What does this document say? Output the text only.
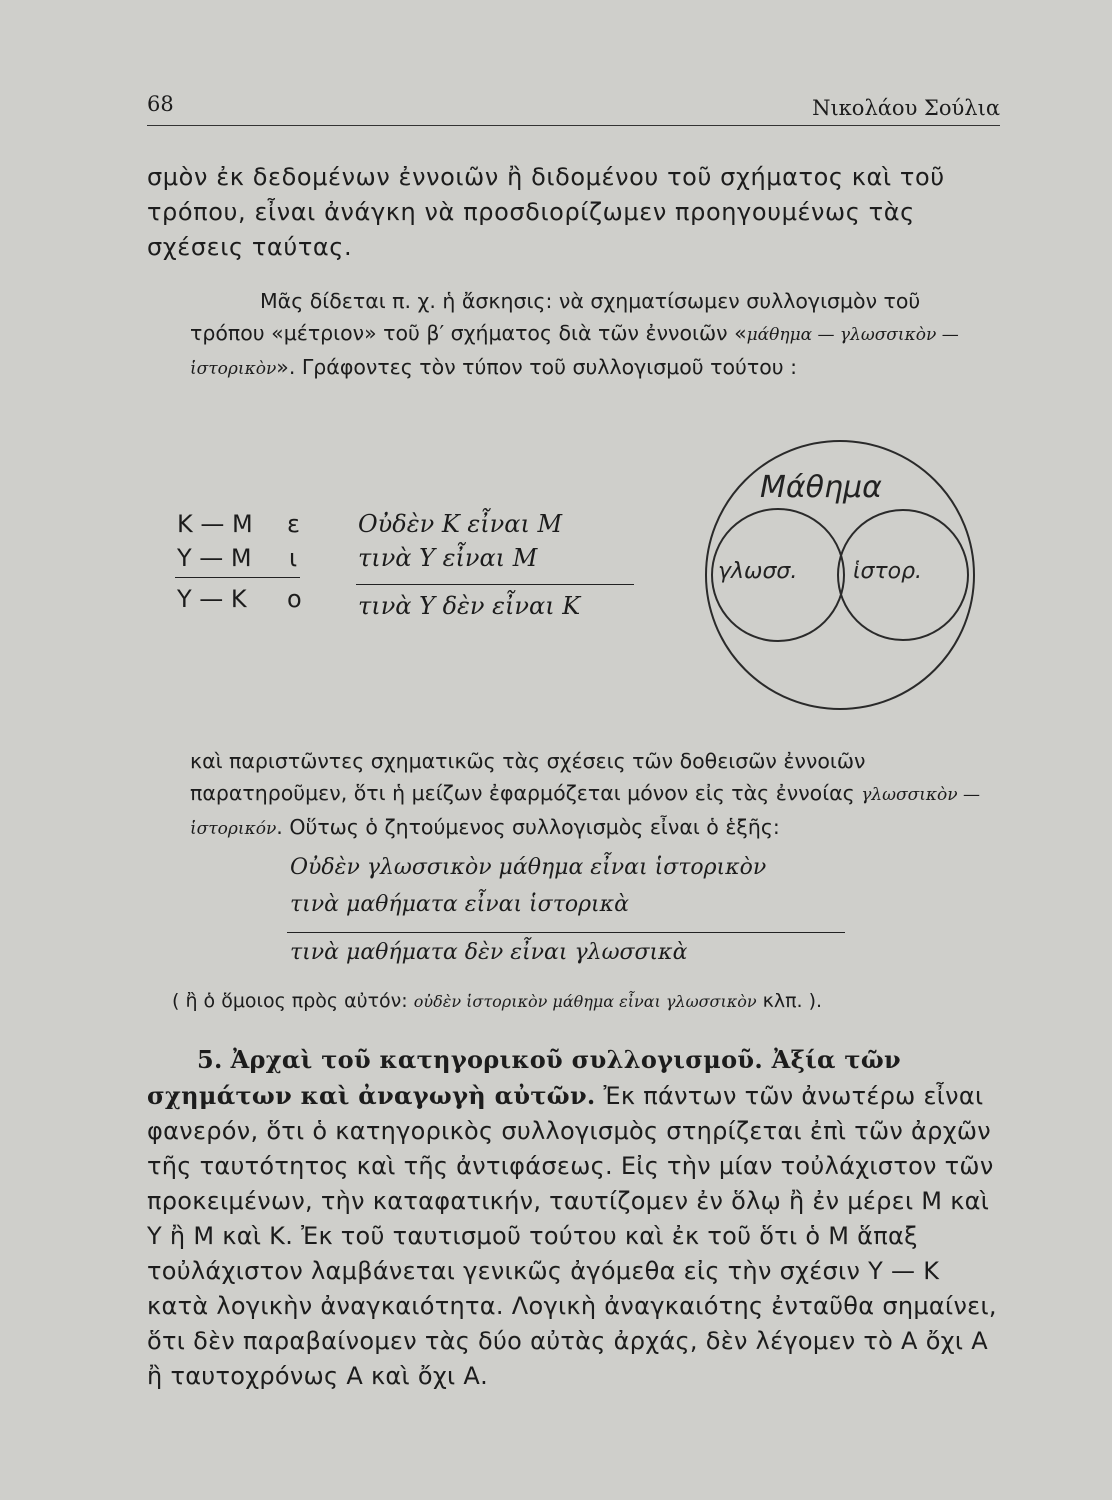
68	Νικολάου Σούλια

σμὸν ἐκ δεδομένων ἐννοιῶν ἢ διδομένου τοῦ σχήματος καὶ τοῦ τρόπου, εἶναι ἀνάγκη νὰ προσδιορίζωμεν προηγουμένως τὰς σχέσεις ταύτας.

Μᾶς δίδεται π. χ. ἡ ἄσκησις: νὰ σχηματίσωμεν συλλογισμὸν τοῦ τρόπου «μέτριον» τοῦ β′ σχήματος διὰ τῶν ἐννοιῶν «μάθημα — γλωσσικὸν — ἱστορικὸν». Γράφοντες τὸν τύπον τοῦ συλλογισμοῦ τούτου :

Κ — Μ ε
Υ — Μ ι
Υ — Κ ο
Οὐδὲν Κ εἶναι Μ
τινὰ Υ εἶναι Μ
τινὰ Υ δὲν εἶναι Κ
Μάθημα
γλωσσ.	ἱστορ.

καὶ παριστῶντες σχηματικῶς τὰς σχέσεις τῶν δοθεισῶν ἐννοιῶν παρατηροῦμεν, ὅτι ἡ μείζων ἐφαρμόζεται μόνον εἰς τὰς ἐννοίας γλωσσικὸν — ἱστορικόν. Οὕτως ὁ ζητούμενος συλλογισμὸς εἶναι ὁ ἑξῆς:

Οὐδὲν γλωσσικὸν μάθημα εἶναι ἱστορικὸν
τινὰ μαθήματα εἶναι ἱστορικὰ
τινὰ μαθήματα δὲν εἶναι γλωσσικὰ
( ἢ ὁ ὅμοιος πρὸς αὐτόν: οὐδὲν ἱστορικὸν μάθημα εἶναι γλωσσικὸν κλπ. ).

5. Ἀρχαὶ τοῦ κατηγορικοῦ συλλογισμοῦ. Ἀξία τῶν σχημάτων καὶ ἀναγωγὴ αὐτῶν. Ἐκ πάντων τῶν ἀνωτέρω εἶναι φανερόν, ὅτι ὁ κατηγορικὸς συλλογισμὸς στηρίζεται ἐπὶ τῶν ἀρχῶν τῆς ταυτότητος καὶ τῆς ἀντιφάσεως. Εἰς τὴν μίαν τοὐλάχιστον τῶν προκειμένων, τὴν καταφατικήν, ταυτίζομεν ἐν ὅλῳ ἢ ἐν μέρει Μ καὶ Υ ἢ Μ καὶ Κ. Ἐκ τοῦ ταυτισμοῦ τούτου καὶ ἐκ τοῦ ὅτι ὁ Μ ἅπαξ τοὐλάχιστον λαμβάνεται γενικῶς ἀγόμεθα εἰς τὴν σχέσιν Υ — Κ κατὰ λογικὴν ἀναγκαιότητα. Λογικὴ ἀναγκαιότης ἐνταῦθα σημαίνει, ὅτι δὲν παραβαίνομεν τὰς δύο αὐτὰς ἀρχάς, δὲν λέγομεν τὸ Α ὄχι Α ἢ ταυτοχρόνως Α καὶ ὄχι Α.
